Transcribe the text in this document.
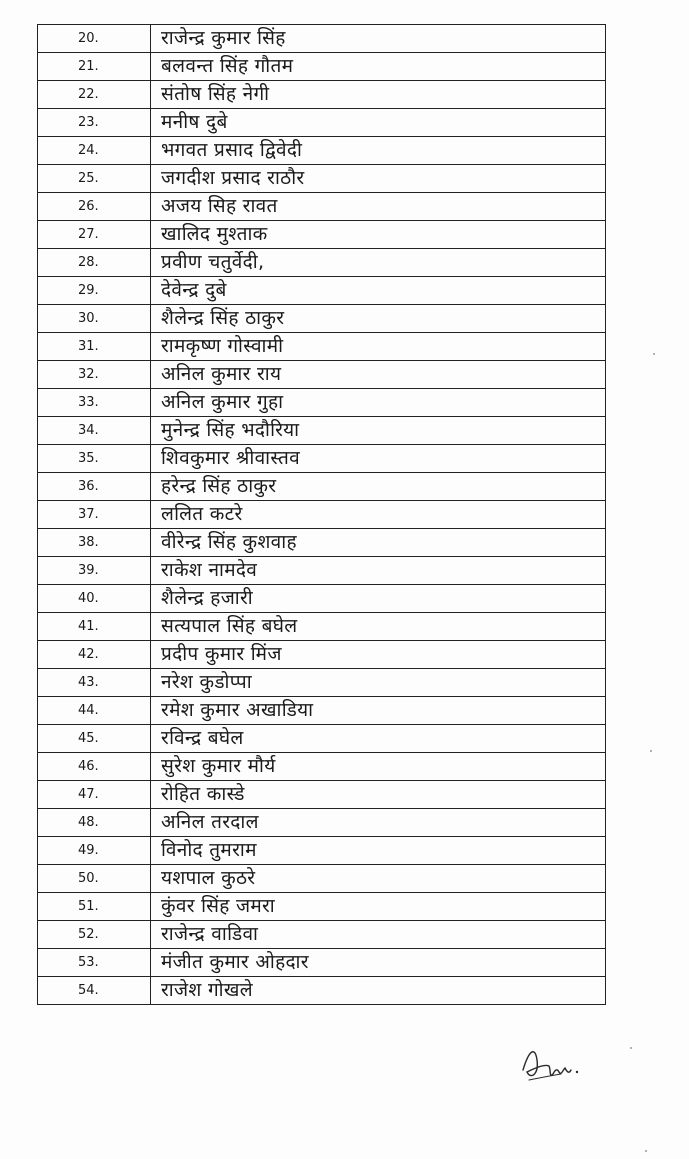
20.	राजेन्द्र कुमार सिंह
21.	बलवन्त सिंह गौतम
22.	संतोष सिंह नेगी
23.	मनीष दुबे
24.	भगवत प्रसाद द्विवेदी
25.	जगदीश प्रसाद राठौर
26.	अजय सिह रावत
27.	खालिद मुश्ताक
28.	प्रवीण चतुर्वेदी,
29.	देवेन्द्र दुबे
30.	शैलेन्द्र सिंह ठाकुर
31.	रामकृष्ण गोस्वामी
32.	अनिल कुमार राय
33.	अनिल कुमार गुहा
34.	मुनेन्द्र सिंह भदौरिया
35.	शिवकुमार श्रीवास्तव
36.	हरेन्द्र सिंह ठाकुर
37.	ललित कटरे
38.	वीरेन्द्र सिंह कुशवाह
39.	राकेश नामदेव
40.	शैलेन्द्र हजारी
41.	सत्यपाल सिंह बघेल
42.	प्रदीप कुमार मिंज
43.	नरेश कुडोप्पा
44.	रमेश कुमार अखाडिया
45.	रविन्द्र बघेल
46.	सुरेश कुमार मौर्य
47.	रोहित कास्डे
48.	अनिल तरदाल
49.	विनोद तुमराम
50.	यशपाल कुठरे
51.	कुंवर सिंह जमरा
52.	राजेन्द्र वाडिवा
53.	मंजीत कुमार ओहदार
54.	राजेश गोखले
